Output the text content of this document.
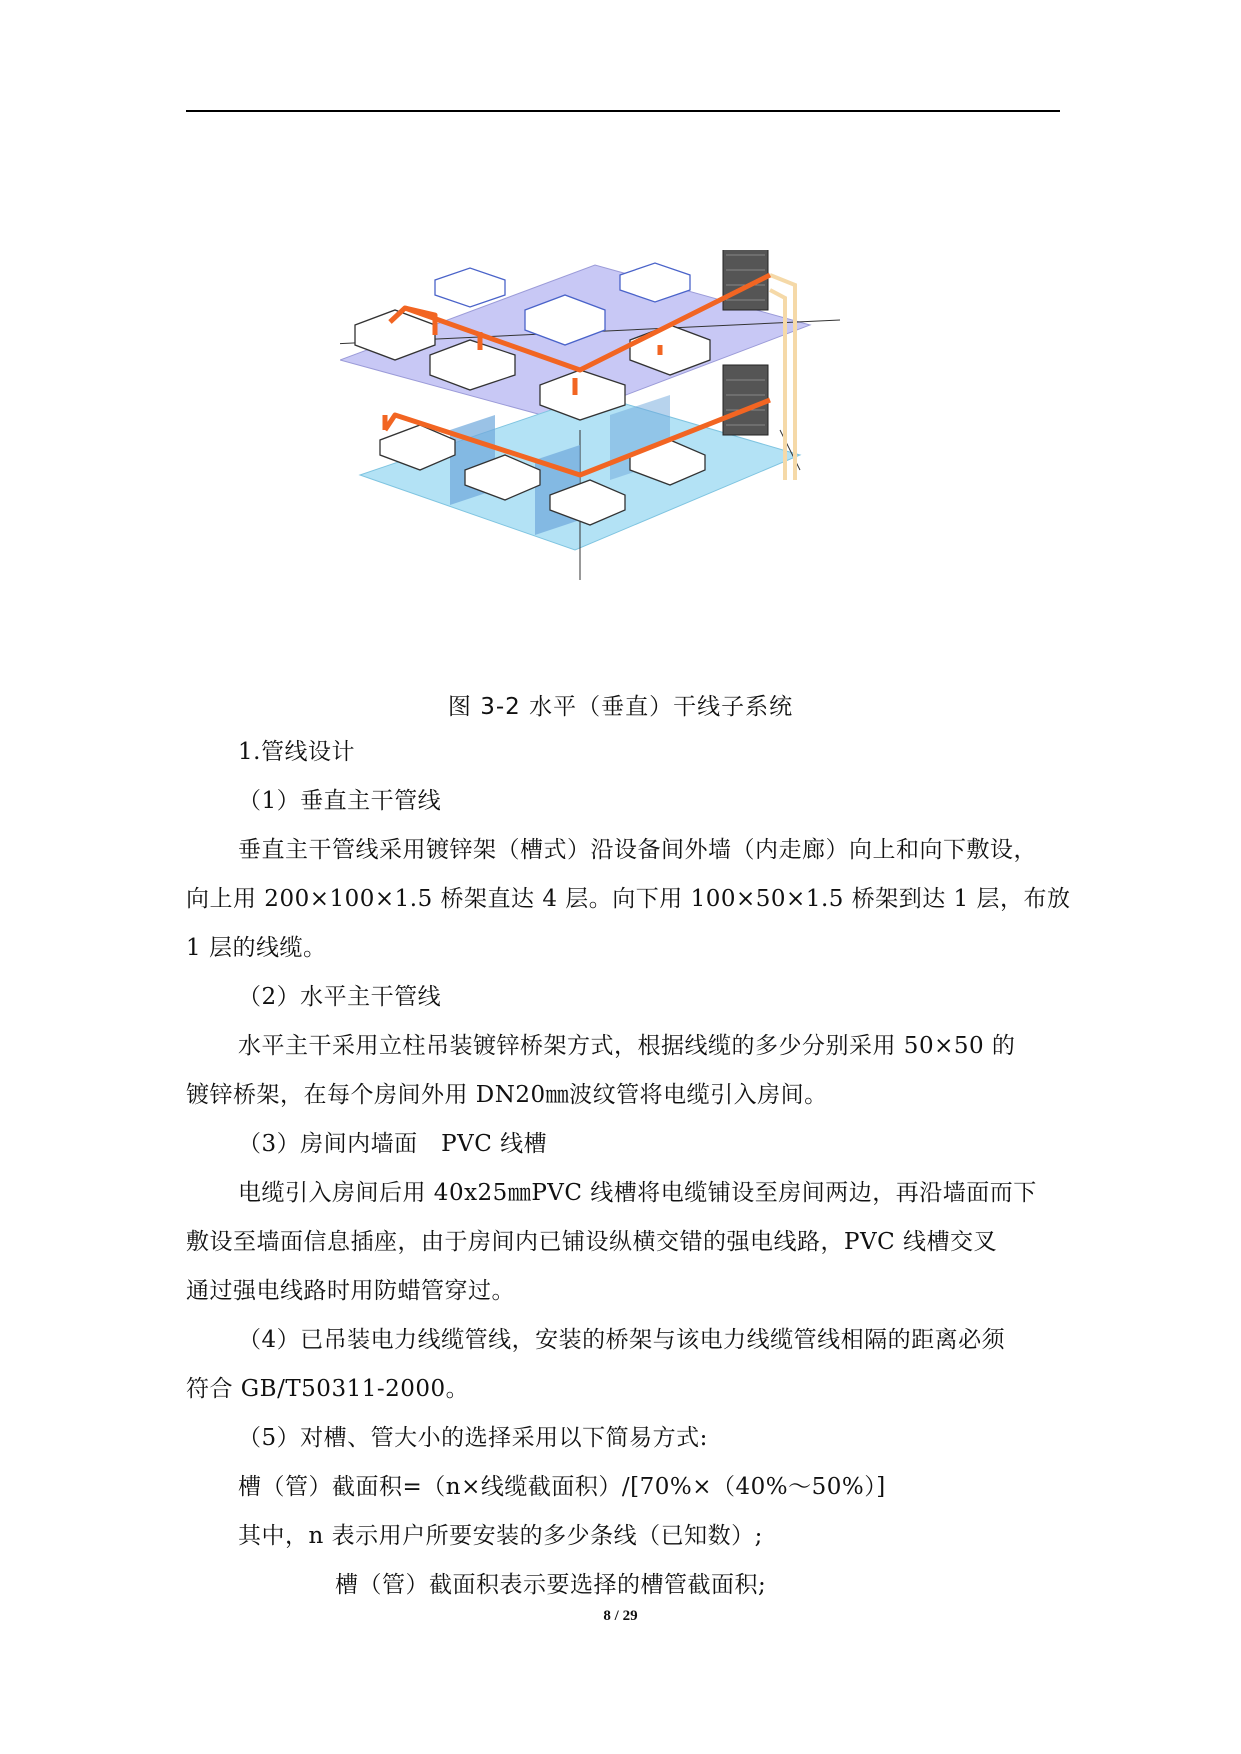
图 3-2 水平（垂直）干线子系统
1.管线设计
（1）垂直主干管线
垂直主干管线采用镀锌架（槽式）沿设备间外墙（内走廊）向上和向下敷设，
向上用 200×100×1.5 桥架直达 4 层。向下用 100×50×1.5 桥架到达 1 层，布放
1 层的线缆。
（2）水平主干管线
水平主干采用立柱吊装镀锌桥架方式，根据线缆的多少分别采用 50×50 的
镀锌桥架，在每个房间外用 DN20㎜波纹管将电缆引入房间。
（3）房间内墙面　PVC 线槽
电缆引入房间后用 40x25㎜PVC 线槽将电缆铺设至房间两边，再沿墙面而下
敷设至墙面信息插座，由于房间内已铺设纵横交错的强电线路，PVC 线槽交叉
通过强电线路时用防蜡管穿过。
（4）已吊装电力线缆管线，安装的桥架与该电力线缆管线相隔的距离必须
符合 GB/T50311-2000。
（5）对槽、管大小的选择采用以下简易方式:
槽（管）截面积=（n×线缆截面积）/[70%×（40%～50%）]
其中，n 表示用户所要安装的多少条线（已知数）;
槽（管）截面积表示要选择的槽管截面积;
8 / 29
